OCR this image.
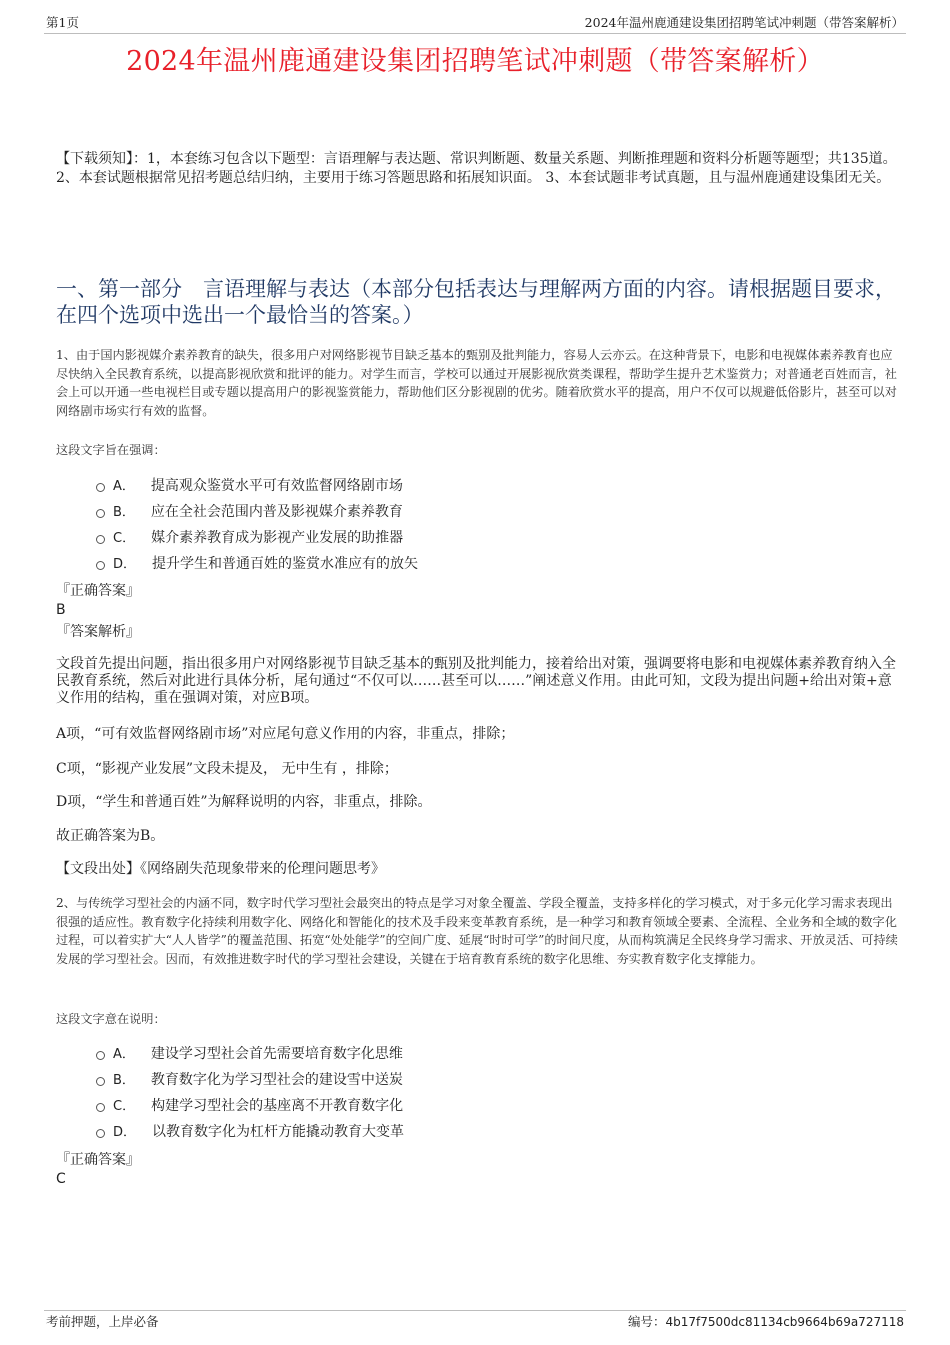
第1页	2024年温州鹿通建设集团招聘笔试冲刺题（带答案解析）
2024年温州鹿通建设集团招聘笔试冲刺题（带答案解析）
【下载须知】：1，本套练习包含以下题型：言语理解与表达题、常识判断题、数量关系题、判断推理题和资料分析题等题型；共135道。 2、本套试题根据常见招考题总结归纳，主要用于练习答题思路和拓展知识面。 3、本套试题非考试真题，且与温州鹿通建设集团无关。
一、第一部分　言语理解与表达（本部分包括表达与理解两方面的内容。请根据题目要求，在四个选项中选出一个最恰当的答案。）
1、由于国内影视媒介素养教育的缺失，很多用户对网络影视节目缺乏基本的甄别及批判能力，容易人云亦云。在这种背景下，电影和电视媒体素养教育也应尽快纳入全民教育系统，以提高影视欣赏和批评的能力。对学生而言，学校可以通过开展影视欣赏类课程，帮助学生提升艺术鉴赏力；对普通老百姓而言，社会上可以开通一些电视栏目或专题以提高用户的影视鉴赏能力，帮助他们区分影视剧的优劣。随着欣赏水平的提高，用户不仅可以规避低俗影片，甚至可以对网络剧市场实行有效的监督。
这段文字旨在强调：
A． 提高观众鉴赏水平可有效监督网络剧市场
B． 应在全社会范围内普及影视媒介素养教育
C． 媒介素养教育成为影视产业发展的助推器
D． 提升学生和普通百姓的鉴赏水准应有的放矢
『正确答案』
B
『答案解析』
文段首先提出问题，指出很多用户对网络影视节目缺乏基本的甄别及批判能力，接着给出对策，强调要将电影和电视媒体素养教育纳入全民教育系统，然后对此进行具体分析，尾句通过“不仅可以……甚至可以……”阐述意义作用。由此可知，文段为提出问题+给出对策+意义作用的结构，重在强调对策，对应B项。
A项，“可有效监督网络剧市场”对应尾句意义作用的内容，非重点，排除；
C项，“影视产业发展”文段未提及， 无中生有 ，排除；
D项，“学生和普通百姓”为解释说明的内容，非重点，排除。
故正确答案为B。
【文段出处】《网络剧失范现象带来的伦理问题思考》
2、与传统学习型社会的内涵不同，数字时代学习型社会最突出的特点是学习对象全覆盖、学段全覆盖，支持多样化的学习模式，对于多元化学习需求表现出很强的适应性。教育数字化持续利用数字化、网络化和智能化的技术及手段来变革教育系统，是一种学习和教育领域全要素、全流程、全业务和全域的数字化过程，可以着实扩大“人人皆学”的覆盖范围、拓宽“处处能学”的空间广度、延展“时时可学”的时间尺度，从而构筑满足全民终身学习需求、开放灵活、可持续发展的学习型社会。因而，有效推进数字时代的学习型社会建设，关键在于培育教育系统的数字化思维、夯实教育数字化支撑能力。
这段文字意在说明：
A． 建设学习型社会首先需要培育数字化思维
B． 教育数字化为学习型社会的建设雪中送炭
C． 构建学习型社会的基座离不开教育数字化
D． 以教育数字化为杠杆方能撬动教育大变革
『正确答案』
C
考前押题，上岸必备	编号：4b17f7500dc81134cb9664b69a727118
